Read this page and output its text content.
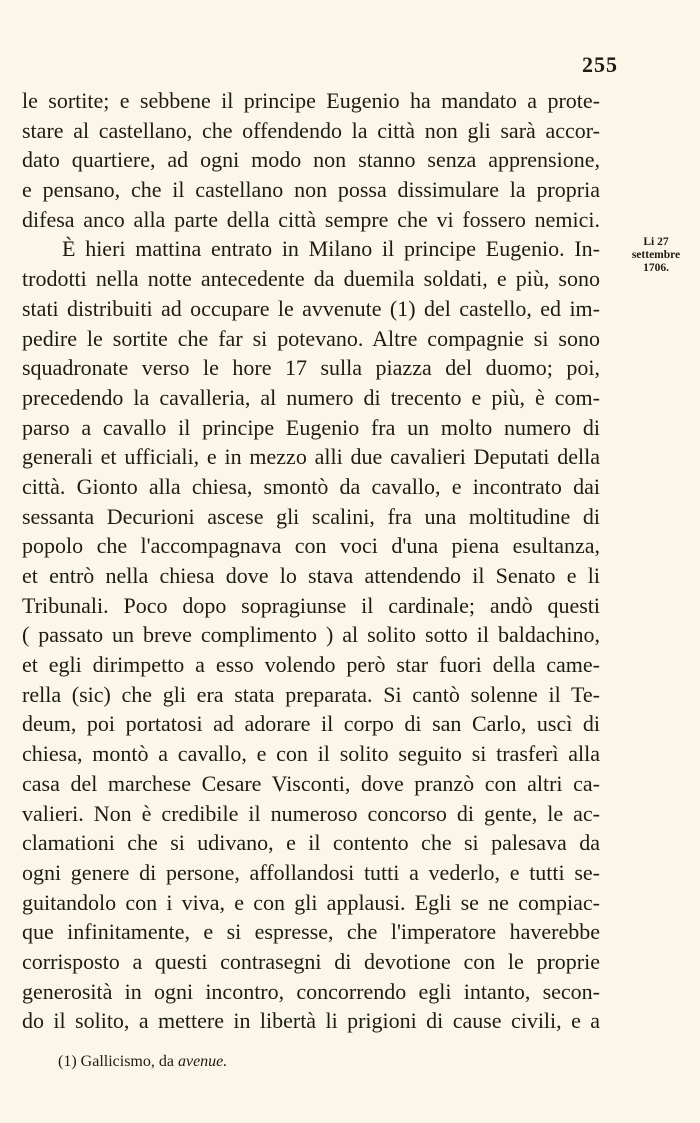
255
Li 27
settembre
1706.
le sortite; e sebbene il principe Eugenio ha mandato a prote-
stare al castellano, che offendendo la città non gli sarà accor-
dato quartiere, ad ogni modo non stanno senza apprensione,
e pensano, che il castellano non possa dissimulare la propria
difesa anco alla parte della città sempre che vi fossero nemici.
È hieri mattina entrato in Milano il principe Eugenio. In-
trodotti nella notte antecedente da duemila soldati, e più, sono
stati distribuiti ad occupare le avvenute (1) del castello, ed im-
pedire le sortite che far si potevano. Altre compagnie si sono
squadronate verso le hore 17 sulla piazza del duomo; poi,
precedendo la cavalleria, al numero di trecento e più, è com-
parso a cavallo il principe Eugenio fra un molto numero di
generali et ufficiali, e in mezzo alli due cavalieri Deputati della
città. Gionto alla chiesa, smontò da cavallo, e incontrato dai
sessanta Decurioni ascese gli scalini, fra una moltitudine di
popolo che l'accompagnava con voci d'una piena esultanza,
et entrò nella chiesa dove lo stava attendendo il Senato e li
Tribunali. Poco dopo sopragiunse il cardinale; andò questi
( passato un breve complimento ) al solito sotto il baldachino,
et egli dirimpetto a esso volendo però star fuori della came-
rella (sic) che gli era stata preparata. Si cantò solenne il Te-
deum, poi portatosi ad adorare il corpo di san Carlo, uscì di
chiesa, montò a cavallo, e con il solito seguito si trasferì alla
casa del marchese Cesare Visconti, dove pranzò con altri ca-
valieri. Non è credibile il numeroso concorso di gente, le ac-
clamationi che si udivano, e il contento che si palesava da
ogni genere di persone, affollandosi tutti a vederlo, e tutti se-
guitandolo con i viva, e con gli applausi. Egli se ne compiac-
que infinitamente, e si espresse, che l'imperatore haverebbe
corrisposto a questi contrasegni di devotione con le proprie
generosità in ogni incontro, concorrendo egli intanto, secon-
do il solito, a mettere in libertà li prigioni di cause civili, e a
(1) Gallicismo, da avenue.
